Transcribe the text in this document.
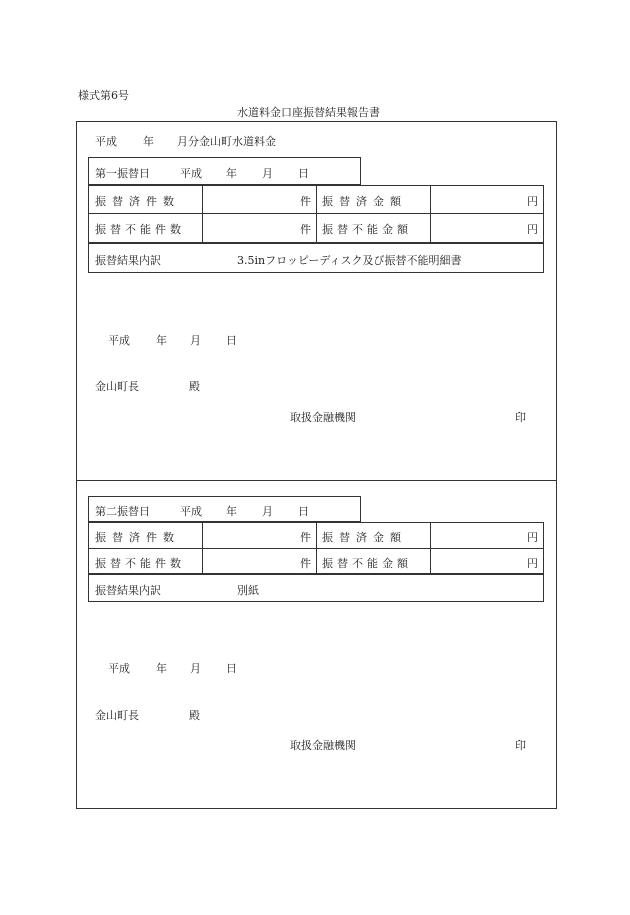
様式第6号
水道料金口座振替結果報告書
平成 年 月分金山町水道料金
第一振替日	平成 年 月 日
振替済件数	件 振替済金額	円
振替不能件数	件 振替不能金額	円
振替結果内訳	3.5inフロッピーディスク及び振替不能明細書
平成 年 月 日
金山町長	殿
取扱金融機関	印
第二振替日	平成 年 月 日
振替済件数	件 振替済金額	円
振替不能件数	件 振替不能金額	円
振替結果内訳	別紙
平成 年 月 日
金山町長	殿
取扱金融機関	印
